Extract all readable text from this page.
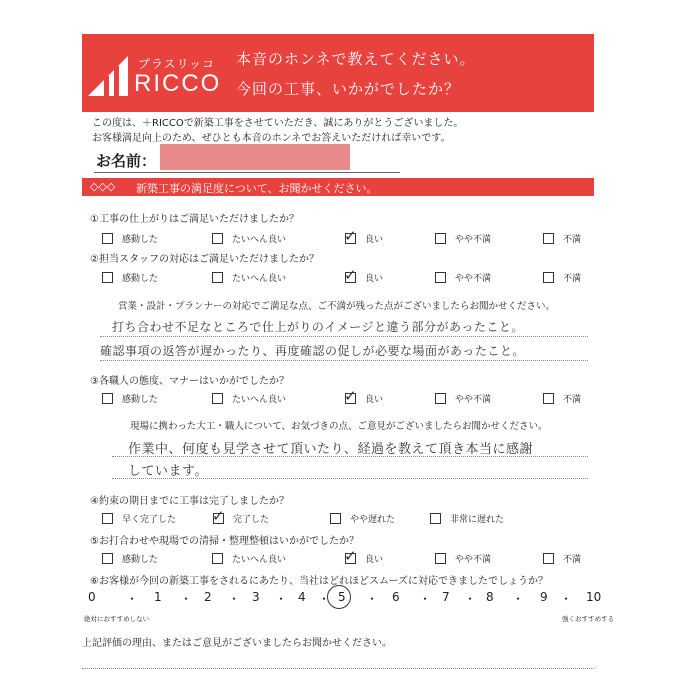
プラスリッコ
RICCO
本音のホンネで教えてください。
今回の工事、いかがでしたか？
この度は、＋RICCOで新築工事をさせていただき、誠にありがとうございました。
お客様満足向上のため、ぜひとも本音のホンネでお答えいただければ幸いです。
お名前：
◇◇◇ 新築工事の満足度について、お聞かせください。
①工事の仕上がりはご満足いただけましたか？
感動した	たいへん良い	✓ 良い	やや不満	不満
②担当スタッフの対応はご満足いただけましたか？
感動した	たいへん良い	✓ 良い	やや不満	不満
営業・設計・プランナーの対応でご満足な点、ご不満が残った点がございましたらお聞かせください。
打ち合わせ不足なところで仕上がりのイメージと違う部分があったこと。
確認事項の返答が遅かったり、再度確認の促しが必要な場面があったこと。
③各職人の態度、マナーはいかがでしたか？
感動した	たいへん良い	✓ 良い	やや不満	不満
現場に携わった大工・職人について、お気づきの点、ご意見がございましたらお聞かせください。
作業中、何度も見学させて頂いたり、経過を教えて頂き本当に感謝
しています。
④約束の期日までに工事は完了しましたか？
早く完了した ✓ 完了した	やや遅れた	非常に遅れた
⑤お打合わせや現場での清掃・整理整頓はいかがでしたか？
感動した	たいへん良い	✓ 良い	やや不満	不満
⑥お客様が今回の新築工事をされるにあたり、当社はどれほどスムーズに対応できましたでしょうか？
0	・ 1 ・ 2 ・ 3 ・ 4 ・ 5 ・ 6 ・ 7 ・ 8 ・ 9 ・ 10
絶対におすすめしない	強くおすすめする
上記評価の理由、またはご意見がございましたらお聞かせください。
